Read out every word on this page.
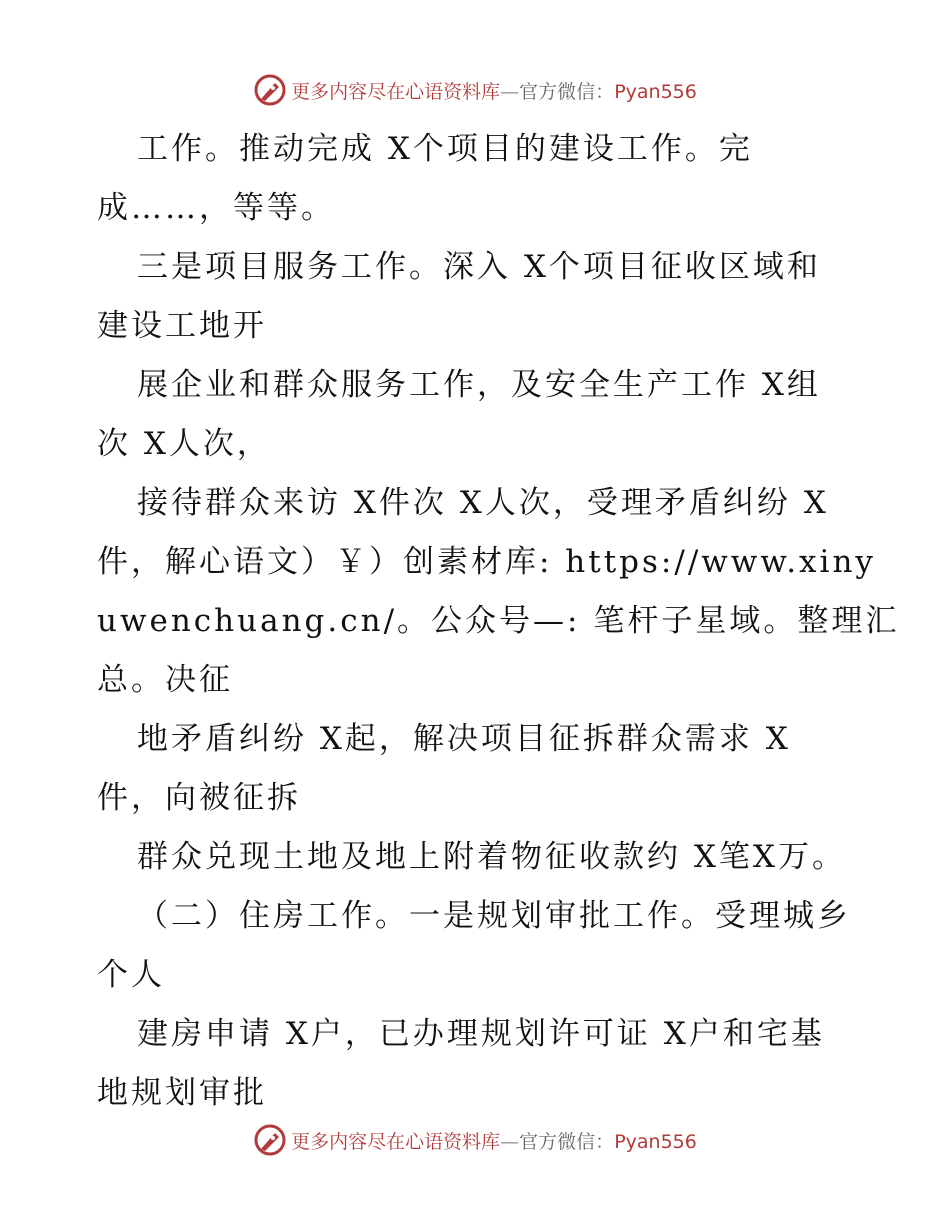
更多内容尽在心语资料库—官方微信：Pyan556
工作。推动完成 X个项目的建设工作。完
成……，等等。
三是项目服务工作。深入 X个项目征收区域和
建设工地开
展企业和群众服务工作，及安全生产工作 X组
次 X人次，
接待群众来访 X件次 X人次，受理矛盾纠纷 X
件，解心语文）￥）创素材库: https://www.xiny
uwenchuang.cn/。公众号—: 笔杆子星域。整理汇
总。决征
地矛盾纠纷 X起，解决项目征拆群众需求 X
件，向被征拆
群众兑现土地及地上附着物征收款约 X笔X万。
（二）住房工作。一是规划审批工作。受理城乡
个人
建房申请 X户，已办理规划许可证 X户和宅基
地规划审批
更多内容尽在心语资料库—官方微信：Pyan556
